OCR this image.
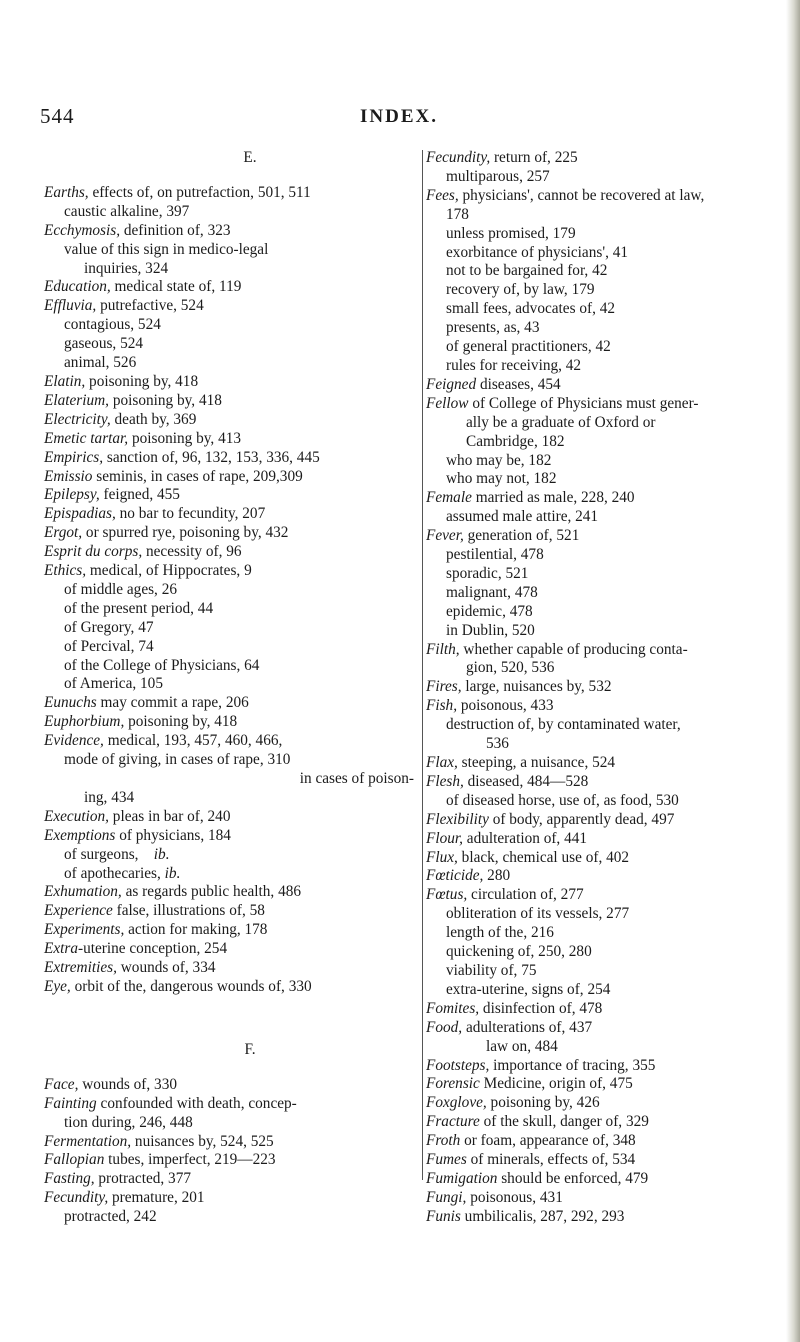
544	INDEX.

E.

Earths, effects of, on putrefaction, 501, 511

caustic alkaline, 397

Ecchymosis, definition of, 323

value of this sign in medico-legal

inquiries, 324

Education, medical state of, 119

Effluvia, putrefactive, 524

contagious, 524

gaseous, 524

animal, 526

Elatin, poisoning by, 418

Elaterium, poisoning by, 418

Electricity, death by, 369

Emetic tartar, poisoning by, 413

Empirics, sanction of, 96, 132, 153, 336, 445

Emissio seminis, in cases of rape, 209,309

Epilepsy, feigned, 455

Epispadias, no bar to fecundity, 207

Ergot, or spurred rye, poisoning by, 432

Esprit du corps, necessity of, 96

Ethics, medical, of Hippocrates, 9

of middle ages, 26

of the present period, 44

of Gregory, 47

of Percival, 74

of the College of Physicians, 64

of America, 105

Eunuchs may commit a rape, 206

Euphorbium, poisoning by, 418

Evidence, medical, 193, 457, 460, 466,

mode of giving, in cases of rape, 310

in cases of poison-

ing, 434

Execution, pleas in bar of, 240

Exemptions of physicians, 184

of surgeons, ib.

of apothecaries, ib.

Exhumation, as regards public health, 486

Experience false, illustrations of, 58

Experiments, action for making, 178

Extra-uterine conception, 254

Extremities, wounds of, 334

Eye, orbit of the, dangerous wounds of, 330

F.

Face, wounds of, 330

Fainting confounded with death, concep-

tion during, 246, 448

Fermentation, nuisances by, 524, 525

Fallopian tubes, imperfect, 219—223

Fasting, protracted, 377

Fecundity, premature, 201

protracted, 242

Fecundity, return of, 225

multiparous, 257

Fees, physicians', cannot be recovered at law,

178

unless promised, 179

exorbitance of physicians', 41

not to be bargained for, 42

recovery of, by law, 179

small fees, advocates of, 42

presents, as, 43

of general practitioners, 42

rules for receiving, 42

Feigned diseases, 454

Fellow of College of Physicians must gener-

ally be a graduate of Oxford or

Cambridge, 182

who may be, 182

who may not, 182

Female married as male, 228, 240

assumed male attire, 241

Fever, generation of, 521

pestilential, 478

sporadic, 521

malignant, 478

epidemic, 478

in Dublin, 520

Filth, whether capable of producing conta-

gion, 520, 536

Fires, large, nuisances by, 532

Fish, poisonous, 433

destruction of, by contaminated water,

536

Flax, steeping, a nuisance, 524

Flesh, diseased, 484—528

of diseased horse, use of, as food, 530

Flexibility of body, apparently dead, 497

Flour, adulteration of, 441

Flux, black, chemical use of, 402

Fœticide, 280

Fœtus, circulation of, 277

obliteration of its vessels, 277

length of the, 216

quickening of, 250, 280

viability of, 75

extra-uterine, signs of, 254

Fomites, disinfection of, 478

Food, adulterations of, 437

law on, 484

Footsteps, importance of tracing, 355

Forensic Medicine, origin of, 475

Foxglove, poisoning by, 426

Fracture of the skull, danger of, 329

Froth or foam, appearance of, 348

Fumes of minerals, effects of, 534

Fumigation should be enforced, 479

Fungi, poisonous, 431

Funis umbilicalis, 287, 292, 293
